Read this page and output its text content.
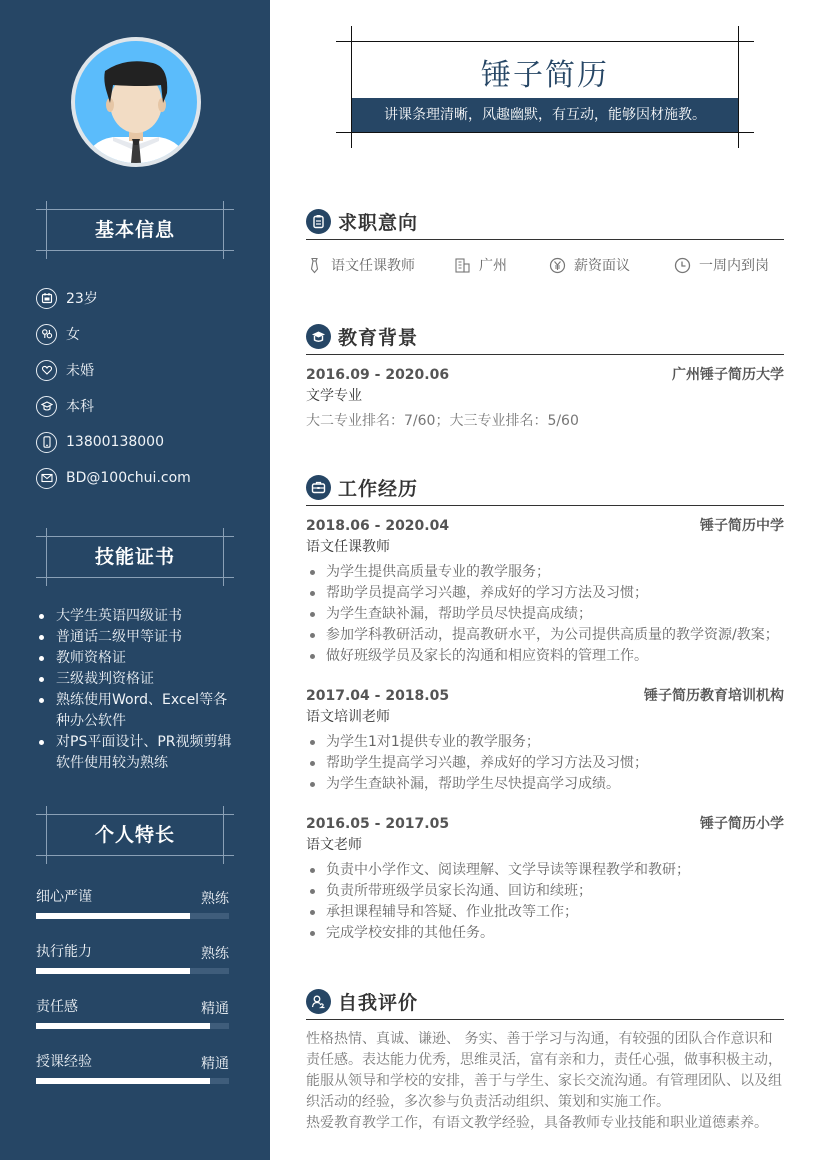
基本信息
23岁
女
未婚
本科
13800138000
BD@100chui.com
技能证书
大学生英语四级证书
普通话二级甲等证书
教师资格证
三级裁判资格证
熟练使用Word、Excel等各种办公软件
对PS平面设计、PR视频剪辑软件使用较为熟练
个人特长
细心严谨	熟练
执行能力	熟练
责任感	精通
授课经验	精通
锤子简历
讲课条理清晰，风趣幽默，有互动，能够因材施教。
求职意向
语文任课教师	广州	薪资面议	一周内到岗
教育背景
2016.09 - 2020.06	广州锤子简历大学
文学专业
大二专业排名：7/60；大三专业排名：5/60
工作经历
2018.06 - 2020.04	锤子简历中学
语文任课教师
为学生提供高质量专业的教学服务；
帮助学员提高学习兴趣，养成好的学习方法及习惯；
为学生查缺补漏，帮助学员尽快提高成绩；
参加学科教研活动，提高教研水平，为公司提供高质量的教学资源/教案；
做好班级学员及家长的沟通和相应资料的管理工作。
2017.04 - 2018.05	锤子简历教育培训机构
语文培训老师
为学生1对1提供专业的教学服务；
帮助学生提高学习兴趣，养成好的学习方法及习惯；
为学生查缺补漏，帮助学生尽快提高学习成绩。
2016.05 - 2017.05	锤子简历小学
语文老师
负责中小学作文、阅读理解、文学导读等课程教学和教研；
负责所带班级学员家长沟通、回访和续班；
承担课程辅导和答疑、作业批改等工作；
完成学校安排的其他任务。
自我评价

性格热情、真诚、谦逊、 务实、善于学习与沟通，有较强的团队合作意识和责任感。表达能力优秀，思维灵活，富有亲和力，责任心强，做事积极主动，能服从领导和学校的安排，善于与学生、家长交流沟通。有管理团队、以及组织活动的经验，多次参与负责活动组织、策划和实施工作。

热爱教育教学工作，有语文教学经验，具备教师专业技能和职业道德素养。
